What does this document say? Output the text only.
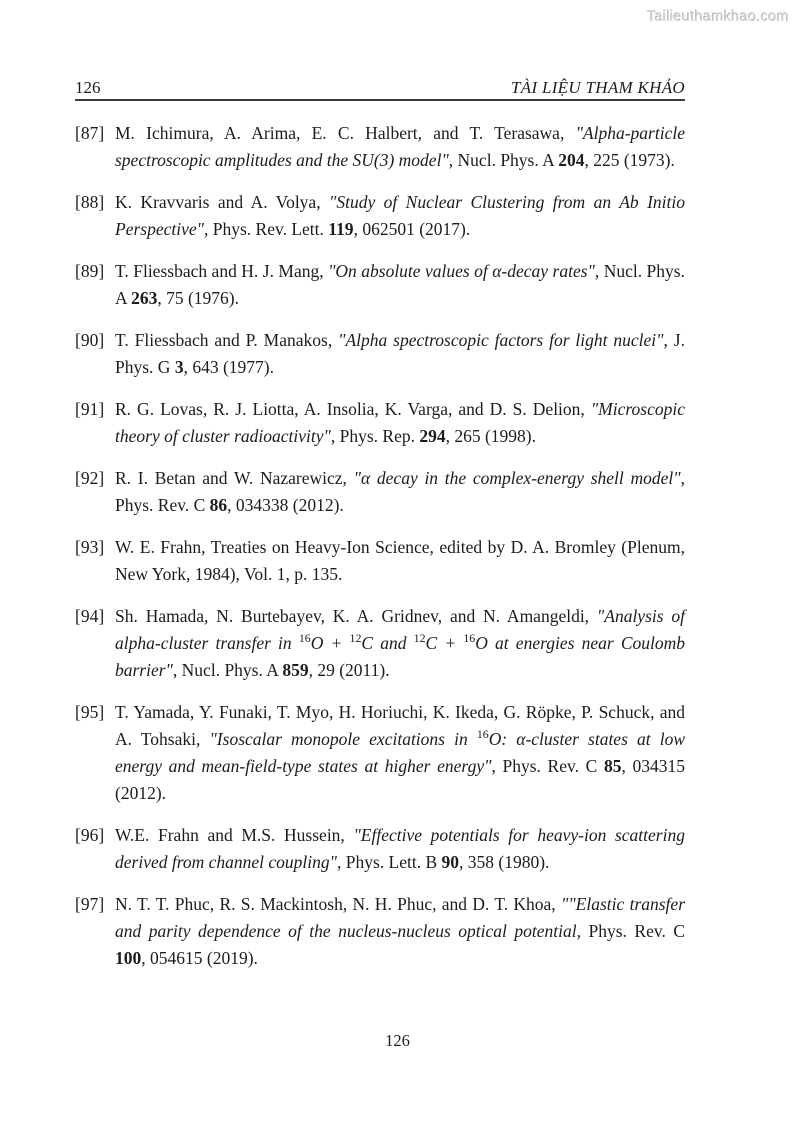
Tailieuthamkhao.com
126	TÀI LIỆU THAM KHẢO
[87] M. Ichimura, A. Arima, E. C. Halbert, and T. Terasawa, "Alpha-particle spectroscopic amplitudes and the SU(3) model", Nucl. Phys. A 204, 225 (1973).
[88] K. Kravvaris and A. Volya, "Study of Nuclear Clustering from an Ab Initio Perspective", Phys. Rev. Lett. 119, 062501 (2017).
[89] T. Fliessbach and H. J. Mang, "On absolute values of α-decay rates", Nucl. Phys. A 263, 75 (1976).
[90] T. Fliessbach and P. Manakos, "Alpha spectroscopic factors for light nuclei", J. Phys. G 3, 643 (1977).
[91] R. G. Lovas, R. J. Liotta, A. Insolia, K. Varga, and D. S. Delion, "Microscopic theory of cluster radioactivity", Phys. Rep. 294, 265 (1998).
[92] R. I. Betan and W. Nazarewicz, "α decay in the complex-energy shell model", Phys. Rev. C 86, 034338 (2012).
[93] W. E. Frahn, Treaties on Heavy-Ion Science, edited by D. A. Bromley (Plenum, New York, 1984), Vol. 1, p. 135.
[94] Sh. Hamada, N. Burtebayev, K. A. Gridnev, and N. Amangeldi, "Analysis of alpha-cluster transfer in $^{16}$O + $^{12}$C and $^{12}$C + $^{16}$O at energies near Coulomb barrier", Nucl. Phys. A 859, 29 (2011).
[95] T. Yamada, Y. Funaki, T. Myo, H. Horiuchi, K. Ikeda, G. Röpke, P. Schuck, and A. Tohsaki, "Isoscalar monopole excitations in $^{16}$O: α-cluster states at low energy and mean-field-type states at higher energy", Phys. Rev. C 85, 034315 (2012).
[96] W.E. Frahn and M.S. Hussein, "Effective potentials for heavy-ion scattering derived from channel coupling", Phys. Lett. B 90, 358 (1980).
[97] N. T. T. Phuc, R. S. Mackintosh, N. H. Phuc, and D. T. Khoa, ""Elastic transfer and parity dependence of the nucleus-nucleus optical potential, Phys. Rev. C 100, 054615 (2019).
126
